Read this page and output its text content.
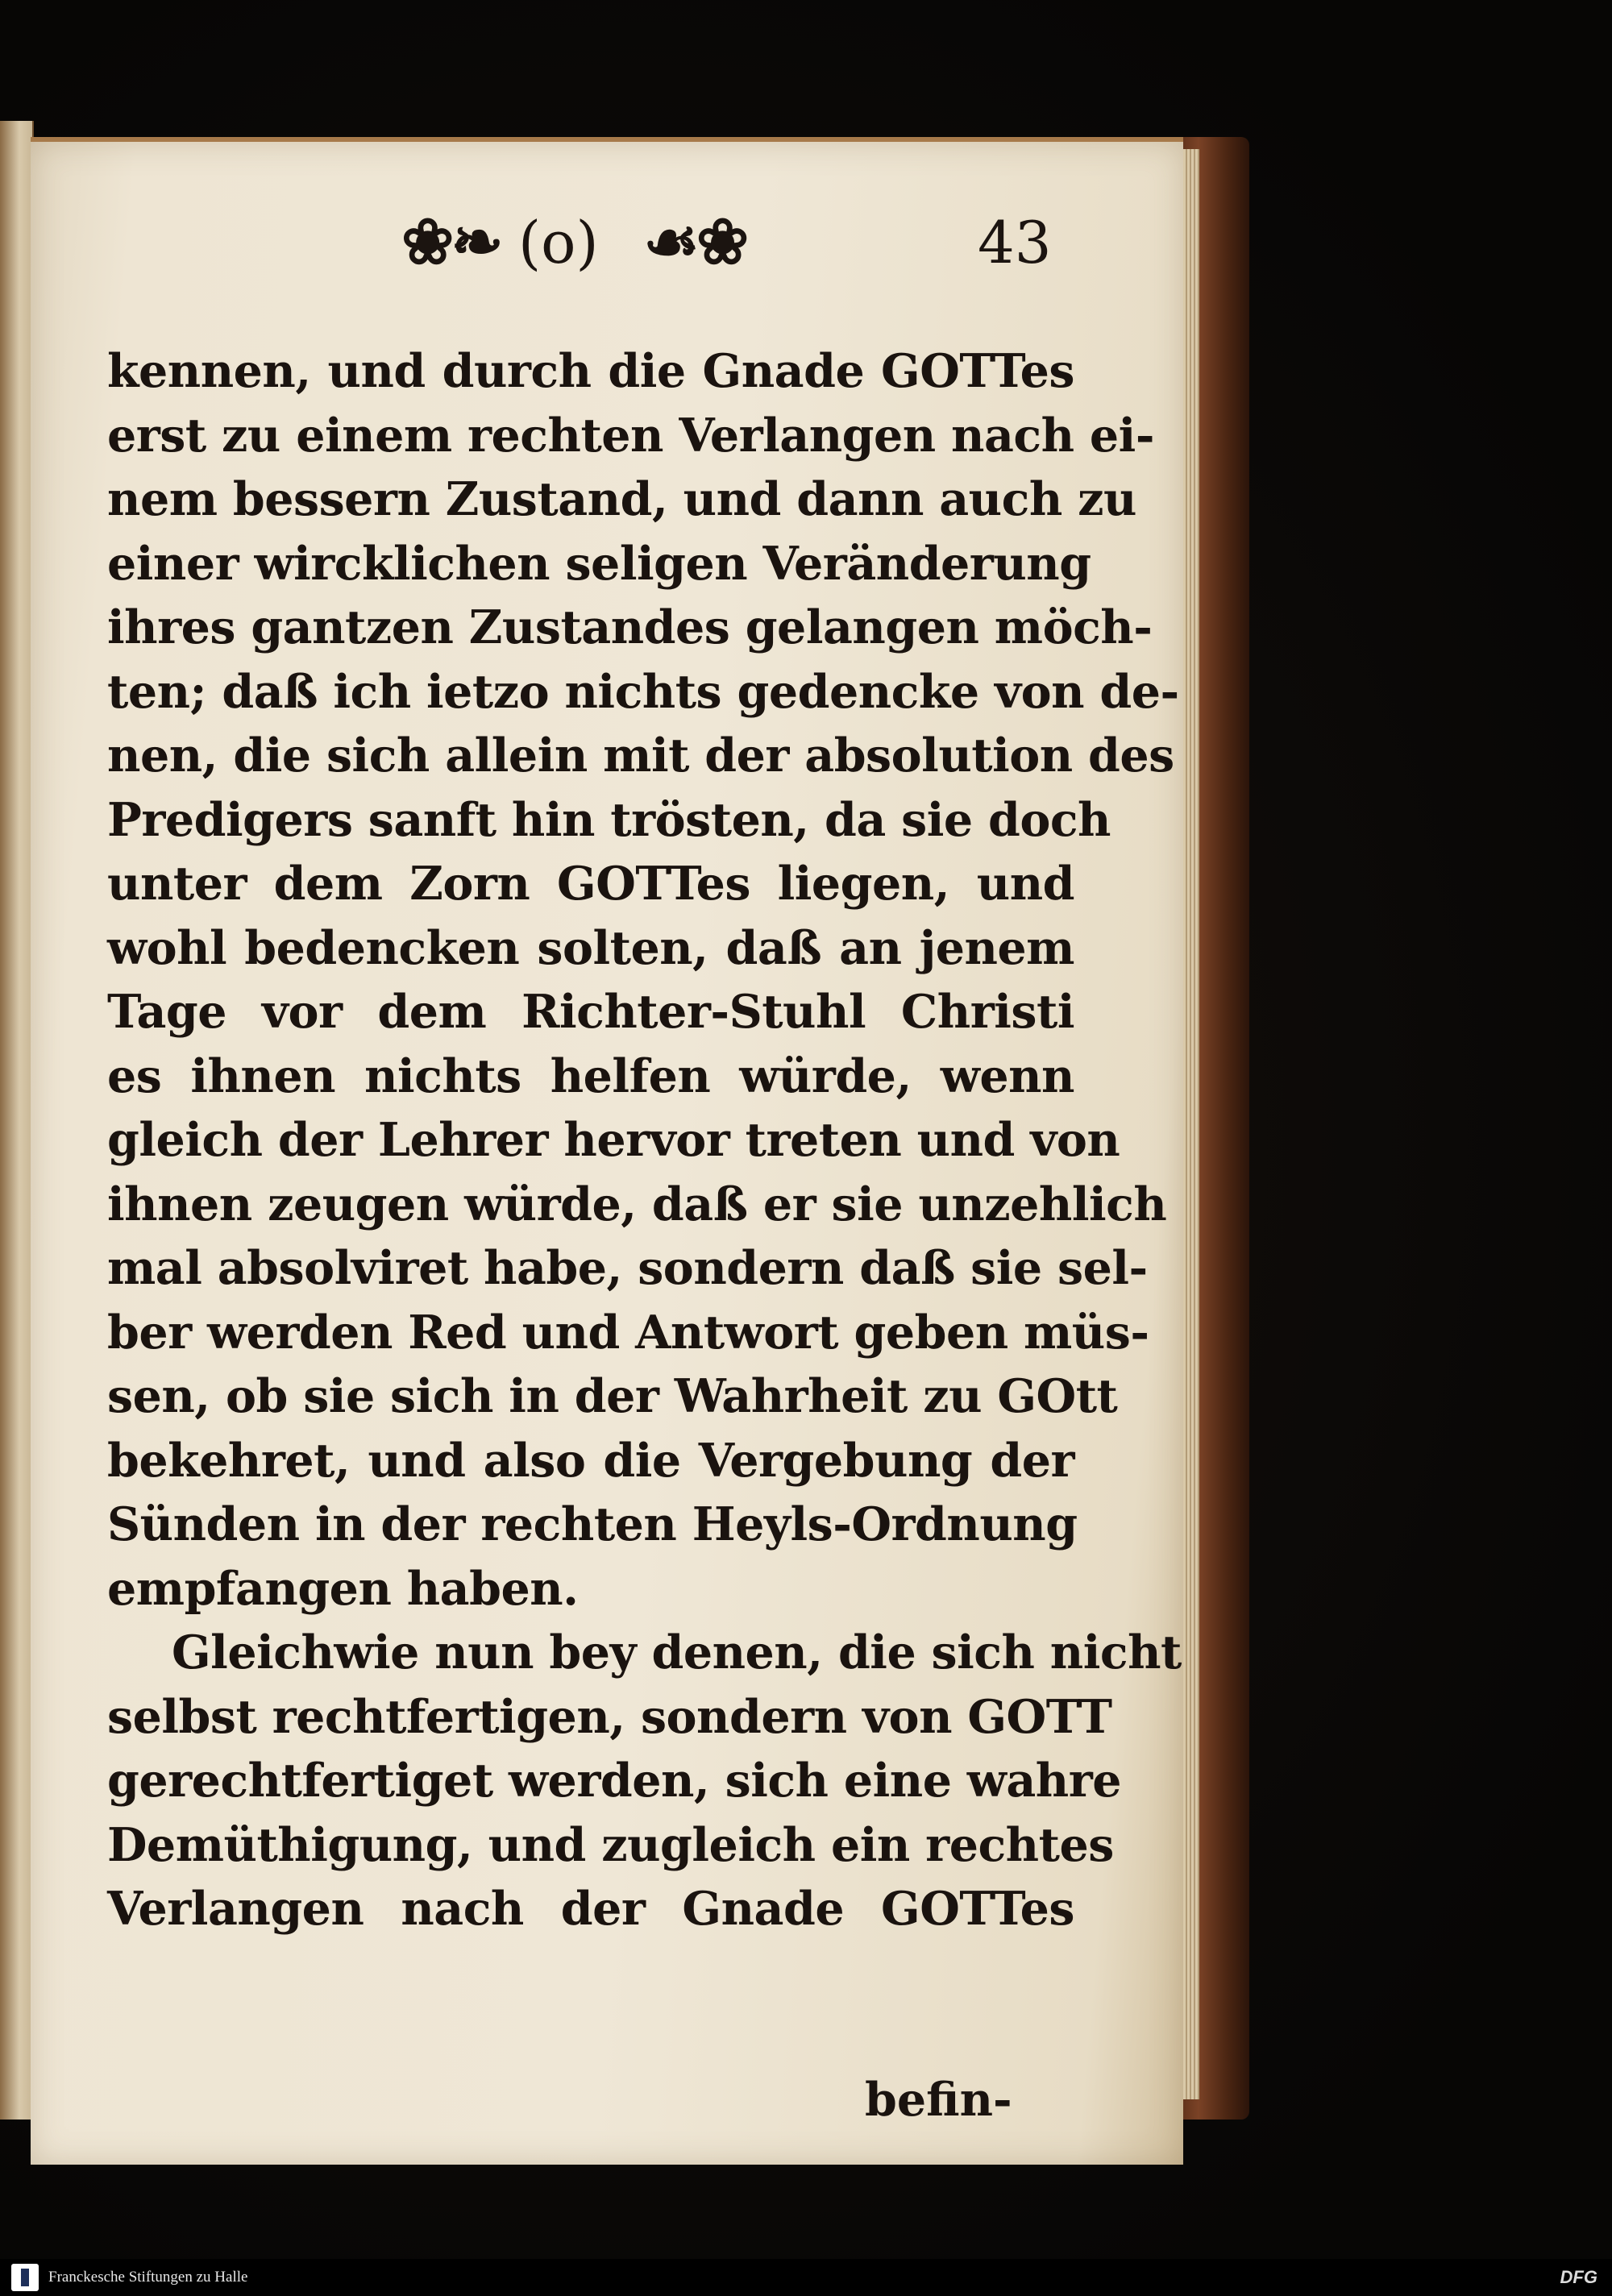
❀❧ (o) ☙❀	43
kennen, und durch die Gnade GOTTes
erst zu einem rechten Verlangen nach ei-
nem bessern Zustand, und dann auch zu
einer wircklichen seligen Veränderung
ihres gantzen Zustandes gelangen möch-
ten; daß ich ietzo nichts gedencke von de-
nen, die sich allein mit der absolution des
Predigers sanft hin trösten, da sie doch
unter dem Zorn GOTTes liegen, und
wohl bedencken solten, daß an jenem
Tage vor dem Richter-Stuhl Christi
es ihnen nichts helfen würde, wenn
gleich der Lehrer hervor treten und von
ihnen zeugen würde, daß er sie unzehlich
mal absolviret habe, sondern daß sie sel-
ber werden Red und Antwort geben müs-
sen, ob sie sich in der Wahrheit zu GOtt
bekehret, und also die Vergebung der
Sünden in der rechten Heyls-Ordnung
empfangen haben.
Gleichwie nun bey denen, die sich nicht
selbst rechtfertigen, sondern von GOTT
gerechtfertiget werden, sich eine wahre
Demüthigung, und zugleich ein rechtes
Verlangen nach der Gnade GOTTes
befin-
Franckesche Stiftungen zu Halle	DFG
